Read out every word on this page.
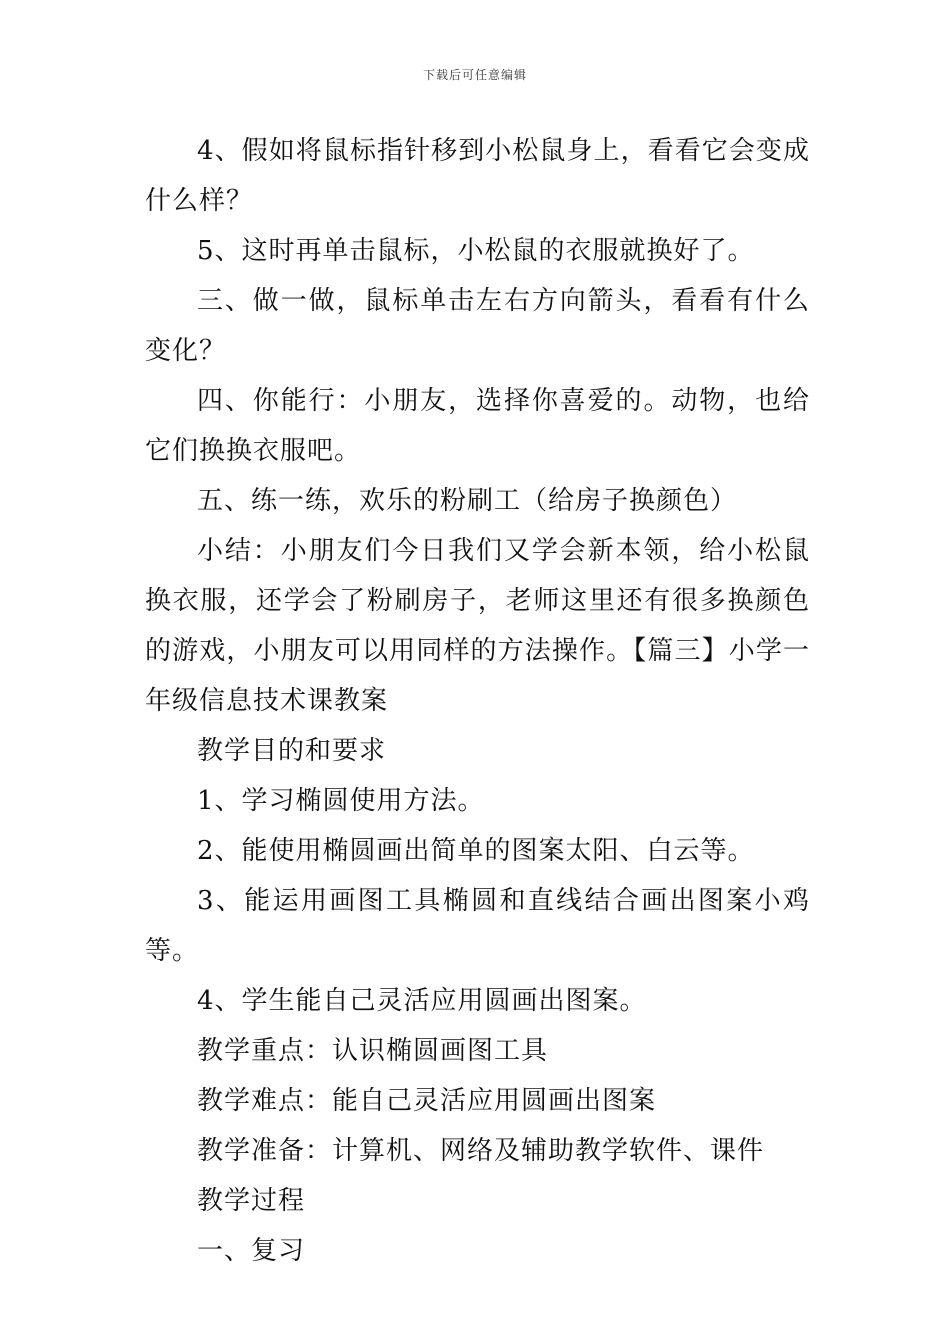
下载后可任意编辑

4、假如将鼠标指针移到小松鼠身上，看看它会变成什么样？

5、这时再单击鼠标，小松鼠的衣服就换好了。

三、做一做，鼠标单击左右方向箭头，看看有什么变化？

四、你能行：小朋友，选择你喜爱的。动物，也给它们换换衣服吧。

五、练一练，欢乐的粉刷工（给房子换颜色）

小结：小朋友们今日我们又学会新本领，给小松鼠换衣服，还学会了粉刷房子，老师这里还有很多换颜色的游戏，小朋友可以用同样的方法操作。【篇三】小学一年级信息技术课教案

教学目的和要求

1、学习椭圆使用方法。

2、能使用椭圆画出简单的图案太阳、白云等。

3、能运用画图工具椭圆和直线结合画出图案小鸡等。

4、学生能自己灵活应用圆画出图案。

教学重点：认识椭圆画图工具

教学难点：能自己灵活应用圆画出图案

教学准备：计算机、网络及辅助教学软件、课件

教学过程

一、复习
